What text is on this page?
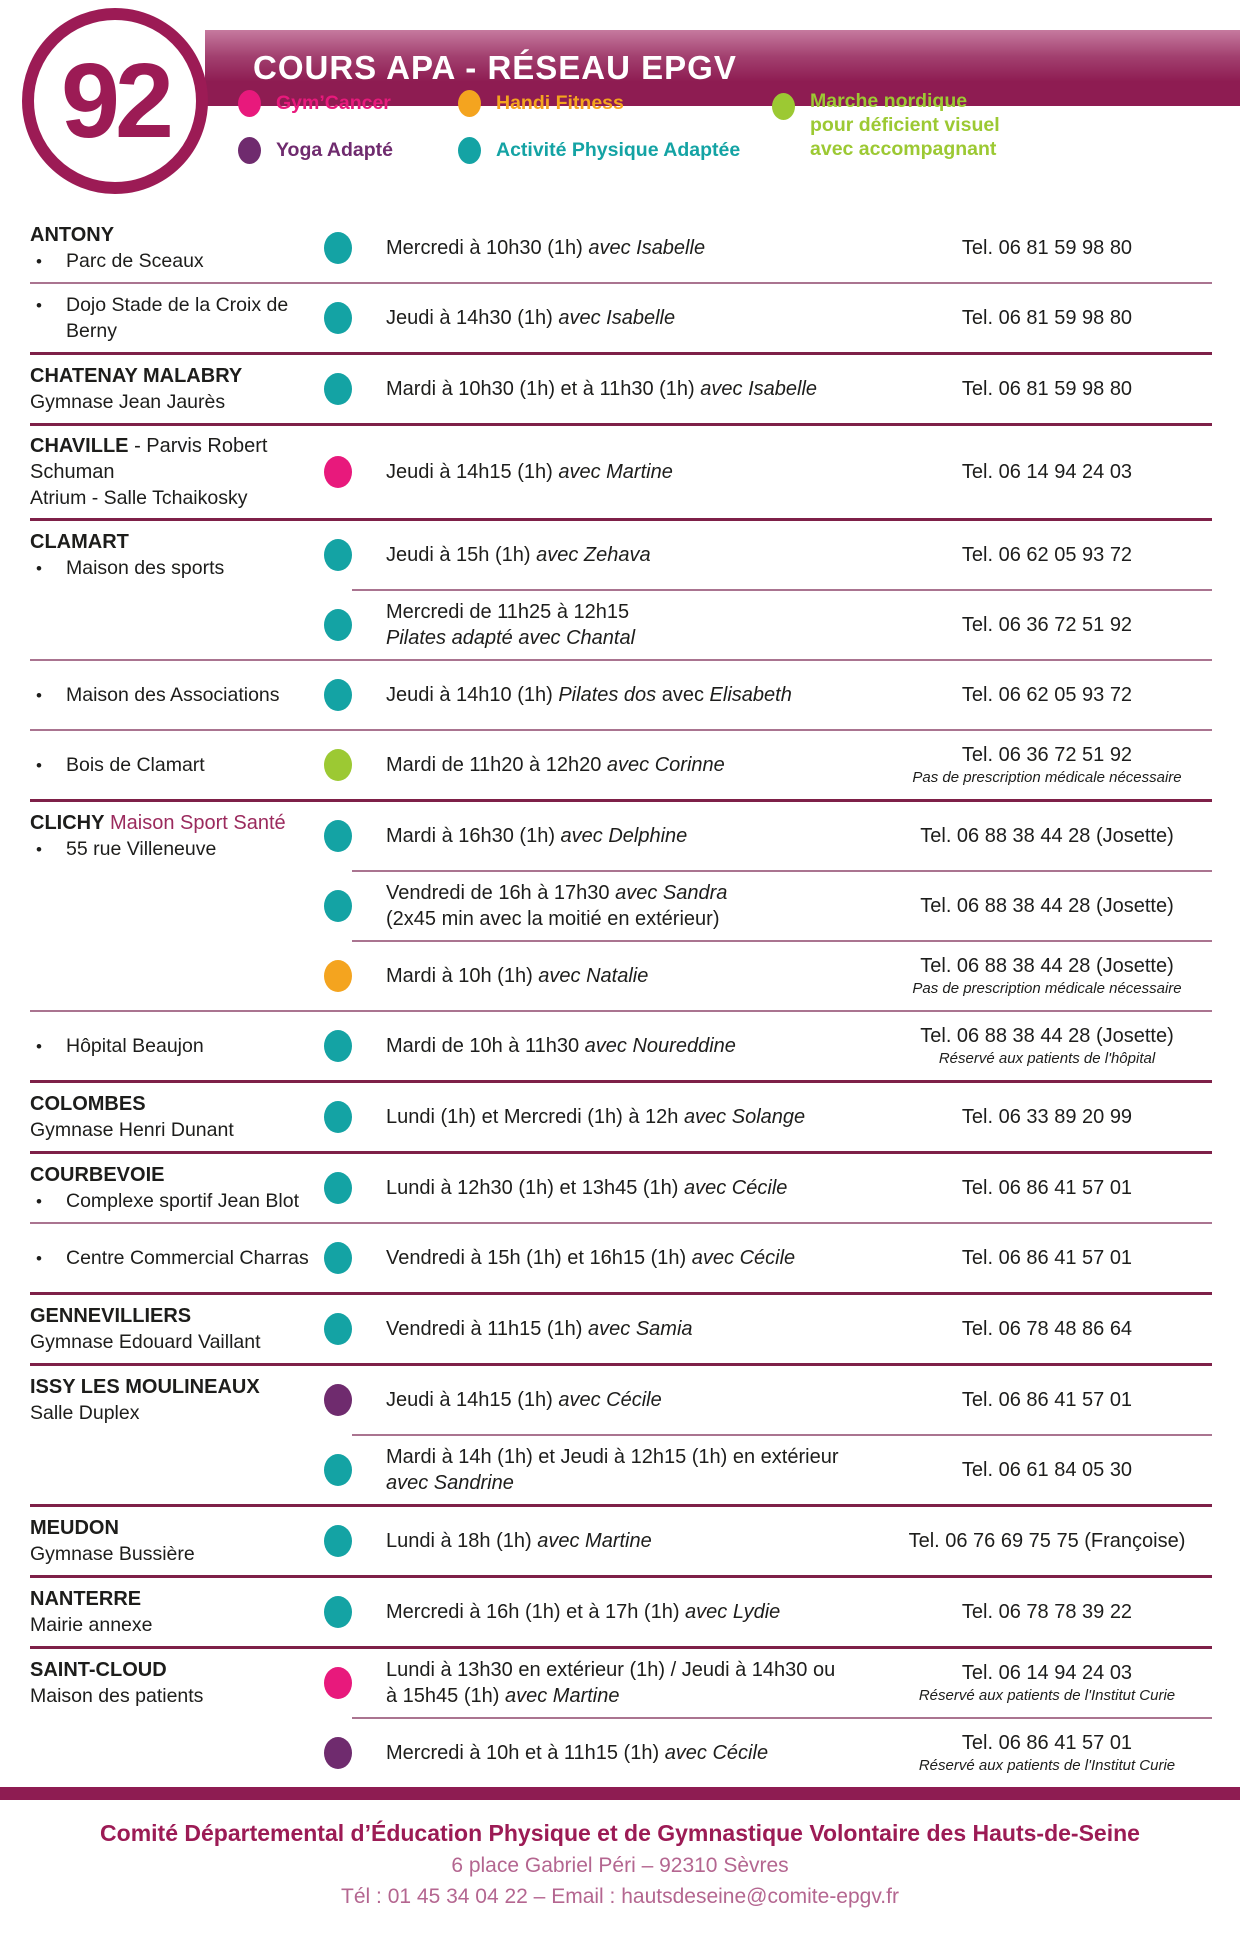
COURS APA - RÉSEAU EPGV
92	Gym’Cancer
Yoga Adapté
Handi Fitness
Activité Physique Adaptée
Marche nordique
pour déficient visuel
avec accompagnant
ANTONY
•	Parc de Sceaux
Mercredi à 10h30 (1h) avec Isabelle	Tel. 06 81 59 98 80
•	Dojo Stade de la Croix de Berny
Jeudi à 14h30 (1h) avec Isabelle	Tel. 06 81 59 98 80
CHATENAY MALABRY
Gymnase Jean Jaurès
Mardi à 10h30 (1h) et à 11h30 (1h) avec Isabelle	Tel. 06 81 59 98 80
CHAVILLE - Parvis Robert Schuman
Atrium - Salle Tchaikosky
Jeudi à 14h15 (1h) avec Martine	Tel. 06 14 94 24 03
CLAMART
•	Maison des sports
Jeudi à 15h (1h) avec Zehava	Tel. 06 62 05 93 72
Mercredi de 11h25 à 12h15
Pilates adapté avec Chantal
Tel. 06 36 72 51 92
•	Maison des Associations	Jeudi à 14h10 (1h) Pilates dos avec Elisabeth	Tel. 06 62 05 93 72
•	Bois de Clamart	Mardi de 11h20 à 12h20 avec Corinne	Tel. 06 36 72 51 92
Pas de prescription médicale nécessaire
CLICHY Maison Sport Santé
•	55 rue Villeneuve
Mardi à 16h30 (1h) avec Delphine	Tel. 06 88 38 44 28 (Josette)
Vendredi de 16h à 17h30 avec Sandra
(2x45 min avec la moitié en extérieur)
Tel. 06 88 38 44 28 (Josette)
Mardi à 10h (1h) avec Natalie	Tel. 06 88 38 44 28 (Josette)
Pas de prescription médicale nécessaire
•	Hôpital Beaujon	Mardi de 10h à 11h30 avec Noureddine	Tel. 06 88 38 44 28 (Josette)
Réservé aux patients de l'hôpital
COLOMBES
Gymnase Henri Dunant
Lundi (1h) et Mercredi (1h) à 12h avec Solange	Tel. 06 33 89 20 99
COURBEVOIE
•	Complexe sportif Jean Blot
Lundi à 12h30 (1h) et 13h45 (1h) avec Cécile	Tel. 06 86 41 57 01
•	Centre Commercial Charras	Vendredi à 15h (1h) et 16h15 (1h) avec Cécile	Tel. 06 86 41 57 01
GENNEVILLIERS
Gymnase Edouard Vaillant
Vendredi à 11h15 (1h) avec Samia	Tel. 06 78 48 86 64
ISSY LES MOULINEAUX
Salle Duplex
Jeudi à 14h15 (1h) avec Cécile	Tel. 06 86 41 57 01
Mardi à 14h (1h) et Jeudi à 12h15 (1h) en extérieur
avec Sandrine
Tel. 06 61 84 05 30
MEUDON
Gymnase Bussière
Lundi à 18h (1h) avec Martine	Tel. 06 76 69 75 75 (Françoise)
NANTERRE
Mairie annexe
Mercredi à 16h (1h) et à 17h (1h) avec Lydie	Tel. 06 78 78 39 22
SAINT-CLOUD
Maison des patients
Lundi à 13h30 en extérieur (1h) / Jeudi à 14h30 ou
à 15h45 (1h) avec Martine
Tel. 06 14 94 24 03
Réservé aux patients de l'Institut Curie
Mercredi à 10h et à 11h15 (1h) avec Cécile	Tel. 06 86 41 57 01
Réservé aux patients de l'Institut Curie
Comité Départemental d’Éducation Physique et de Gymnastique Volontaire des Hauts-de-Seine
6 place Gabriel Péri – 92310 Sèvres
Tél : 01 45 34 04 22 – Email : hautsdeseine@comite-epgv.fr
